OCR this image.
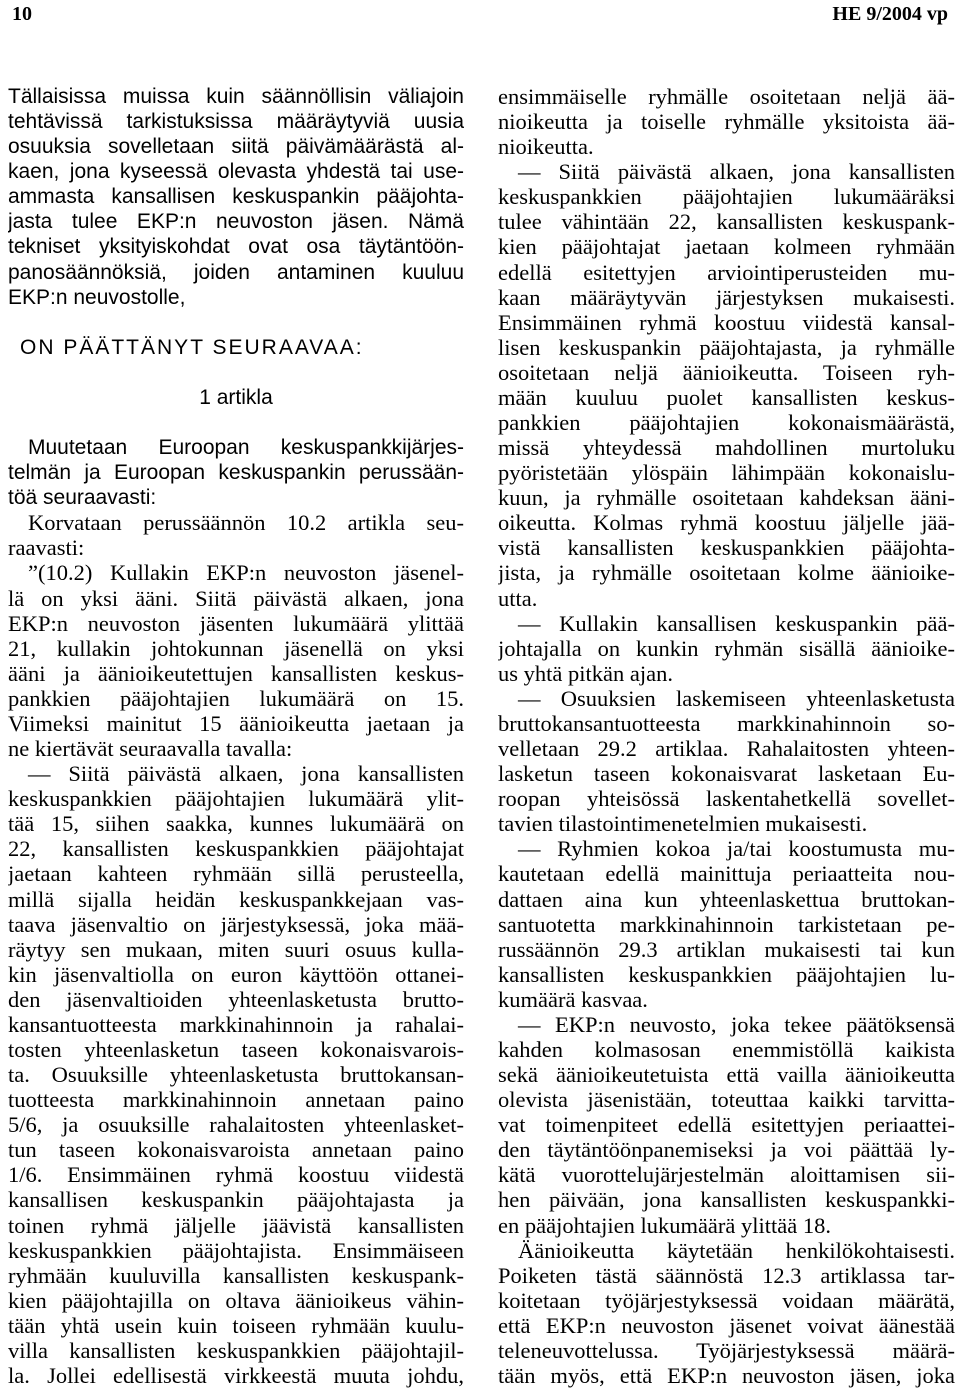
10	HE 9/2004 vp
Tällaisissa muissa kuin säännöllisin väliajoin
tehtävissä tarkistuksissa määräytyviä uusia
osuuksia sovelletaan siitä päivämäärästä al-
kaen, jona kyseessä olevasta yhdestä tai use-
ammasta kansallisen keskuspankin pääjohta-
jasta tulee EKP:n neuvoston jäsen. Nämä
tekniset yksityiskohdat ovat osa täytäntöön-
panosäännöksiä, joiden antaminen kuuluu
EKP:n neuvostolle,
ON PÄÄTTÄNYT SEURAAVAA:
1 artikla
Muutetaan Euroopan keskuspankkijärjes-
telmän ja Euroopan keskuspankin perussään-
töä seuraavasti:
Korvataan perussäännön 10.2 artikla seu-
raavasti:
”(10.2) Kullakin EKP:n neuvoston jäsenel-
lä on yksi ääni. Siitä päivästä alkaen, jona
EKP:n neuvoston jäsenten lukumäärä ylittää
21, kullakin johtokunnan jäsenellä on yksi
ääni ja äänioikeutettujen kansallisten keskus-
pankkien pääjohtajien lukumäärä on 15.
Viimeksi mainitut 15 äänioikeutta jaetaan ja
ne kiertävät seuraavalla tavalla:
— Siitä päivästä alkaen, jona kansallisten
keskuspankkien pääjohtajien lukumäärä ylit-
tää 15, siihen saakka, kunnes lukumäärä on
22, kansallisten keskuspankkien pääjohtajat
jaetaan kahteen ryhmään sillä perusteella,
millä sijalla heidän keskuspankkejaan vas-
taava jäsenvaltio on järjestyksessä, joka mää-
räytyy sen mukaan, miten suuri osuus kulla-
kin jäsenvaltiolla on euron käyttöön ottanei-
den jäsenvaltioiden yhteenlasketusta brutto-
kansantuotteesta markkinahinnoin ja rahalai-
tosten yhteenlasketun taseen kokonaisvarois-
ta. Osuuksille yhteenlasketusta bruttokansan-
tuotteesta markkinahinnoin annetaan paino
5/6, ja osuuksille rahalaitosten yhteenlasket-
tun taseen kokonaisvaroista annetaan paino
1/6. Ensimmäinen ryhmä koostuu viidestä
kansallisen keskuspankin pääjohtajasta ja
toinen ryhmä jäljelle jäävistä kansallisten
keskuspankkien pääjohtajista. Ensimmäiseen
ryhmään kuuluvilla kansallisten keskuspank-
kien pääjohtajilla on oltava äänioikeus vähin-
tään yhtä usein kuin toiseen ryhmään kuulu-
villa kansallisten keskuspankkien pääjohtajil-
la. Jollei edellisestä virkkeestä muuta johdu,
ensimmäiselle ryhmälle osoitetaan neljä ää-
nioikeutta ja toiselle ryhmälle yksitoista ää-
nioikeutta.
— Siitä päivästä alkaen, jona kansallisten
keskuspankkien pääjohtajien lukumääräksi
tulee vähintään 22, kansallisten keskuspank-
kien pääjohtajat jaetaan kolmeen ryhmään
edellä esitettyjen arviointiperusteiden mu-
kaan määräytyvän järjestyksen mukaisesti.
Ensimmäinen ryhmä koostuu viidestä kansal-
lisen keskuspankin pääjohtajasta, ja ryhmälle
osoitetaan neljä äänioikeutta. Toiseen ryh-
mään kuuluu puolet kansallisten keskus-
pankkien pääjohtajien kokonaismäärästä,
missä yhteydessä mahdollinen murtoluku
pyöristetään ylöspäin lähimpään kokonaislu-
kuun, ja ryhmälle osoitetaan kahdeksan ääni-
oikeutta. Kolmas ryhmä koostuu jäljelle jää-
vistä kansallisten keskuspankkien pääjohta-
jista, ja ryhmälle osoitetaan kolme äänioike-
utta.
— Kullakin kansallisen keskuspankin pää-
johtajalla on kunkin ryhmän sisällä äänioike-
us yhtä pitkän ajan.
— Osuuksien laskemiseen yhteenlasketusta
bruttokansantuotteesta markkinahinnoin so-
velletaan 29.2 artiklaa. Rahalaitosten yhteen-
lasketun taseen kokonaisvarat lasketaan Eu-
roopan yhteisössä laskentahetkellä sovellet-
tavien tilastointimenetelmien mukaisesti.
— Ryhmien kokoa ja/tai koostumusta mu-
kautetaan edellä mainittuja periaatteita nou-
dattaen aina kun yhteenlaskettua bruttokan-
santuotetta markkinahinnoin tarkistetaan pe-
russäännön 29.3 artiklan mukaisesti tai kun
kansallisten keskuspankkien pääjohtajien lu-
kumäärä kasvaa.
— EKP:n neuvosto, joka tekee päätöksensä
kahden kolmasosan enemmistöllä kaikista
sekä äänioikeutetuista että vailla äänioikeutta
olevista jäsenistään, toteuttaa kaikki tarvitta-
vat toimenpiteet edellä esitettyjen periaattei-
den täytäntöönpanemiseksi ja voi päättää ly-
kätä vuorottelujärjestelmän aloittamisen sii-
hen päivään, jona kansallisten keskuspankki-
en pääjohtajien lukumäärä ylittää 18.
Äänioikeutta käytetään henkilökohtaisesti.
Poiketen tästä säännöstä 12.3 artiklassa tar-
koitetaan työjärjestyksessä voidaan määrätä,
että EKP:n neuvoston jäsenet voivat äänestää
teleneuvottelussa. Työjärjestyksessä määrä-
tään myös, että EKP:n neuvoston jäsen, joka
